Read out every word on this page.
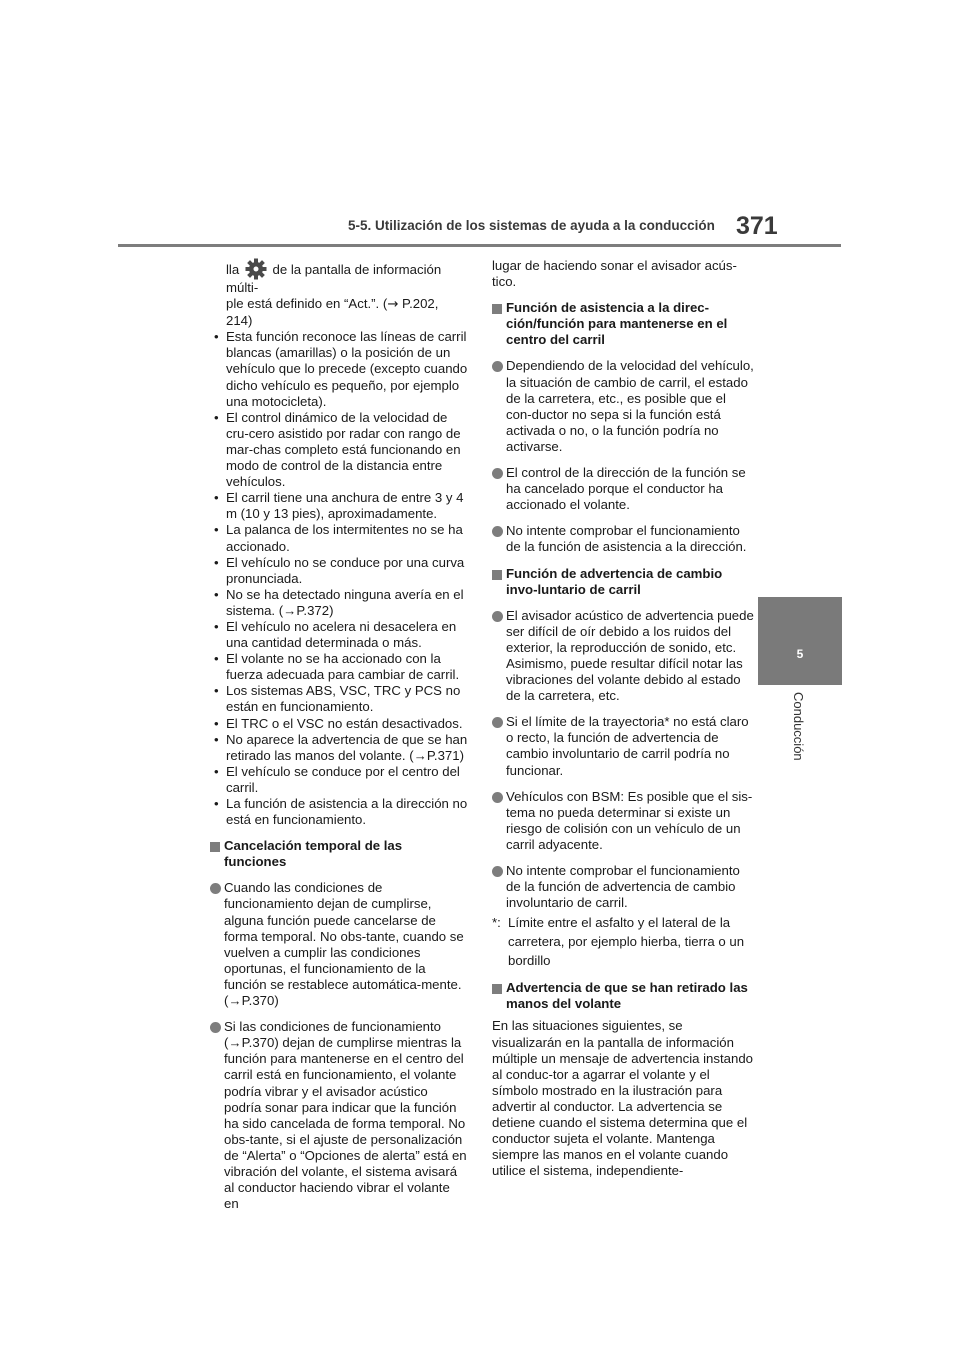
5-5. Utilización de los sistemas de ayuda a la conducción 371
5
Conducción

lla	de la pantalla de información múlti-
ple está definido en “Act.”. (→ P.202, 214)

• Esta función reconoce las líneas de carril blancas (amarillas) o la posición de un vehículo que lo precede (excepto cuando dicho vehículo es pequeño, por ejemplo una motocicleta).
• El control dinámico de la velocidad de cru-cero asistido por radar con rango de mar-chas completo está funcionando en modo de control de la distancia entre vehículos.
• El carril tiene una anchura de entre 3 y 4 m (10 y 13 pies), aproximadamente.
• La palanca de los intermitentes no se ha accionado.
• El vehículo no se conduce por una curva pronunciada.
• No se ha detectado ninguna avería en el sistema. (→P.372)
• El vehículo no acelera ni desacelera en una cantidad determinada o más.
• El volante no se ha accionado con la fuerza adecuada para cambiar de carril.
• Los sistemas ABS, VSC, TRC y PCS no están en funcionamiento.
• El TRC o el VSC no están desactivados.
• No aparece la advertencia de que se han retirado las manos del volante. (→P.371)
• El vehículo se conduce por el centro del carril.
• La función de asistencia a la dirección no está en funcionamiento.
Cancelación temporal de las funciones
Cuando las condiciones de funcionamiento dejan de cumplirse, alguna función puede cancelarse de forma temporal. No obs-tante, cuando se vuelven a cumplir las condiciones oportunas, el funcionamiento de la función se restablece automática-mente. (→P.370)
Si las condiciones de funcionamiento (→P.370) dejan de cumplirse mientras la función para mantenerse en el centro del carril está en funcionamiento, el volante podría vibrar y el avisador acústico podría sonar para indicar que la función ha sido cancelada de forma temporal. No obs-tante, si el ajuste de personalización de “Alerta” o “Opciones de alerta” está en vibración del volante, el sistema avisará al conductor haciendo vibrar el volante en

lugar de haciendo sonar el avisador acús-tico.

Función de asistencia a la direc-ción/función para mantenerse en el centro del carril
Dependiendo de la velocidad del vehículo, la situación de cambio de carril, el estado de la carretera, etc., es posible que el con-ductor no sepa si la función está activada o no, o la función podría no activarse.
El control de la dirección de la función se ha cancelado porque el conductor ha accionado el volante.
No intente comprobar el funcionamiento de la función de asistencia a la dirección.
Función de advertencia de cambio invo-luntario de carril
El avisador acústico de advertencia puede ser difícil de oír debido a los ruidos del exterior, la reproducción de sonido, etc. Asimismo, puede resultar difícil notar las vibraciones del volante debido al estado de la carretera, etc.
Si el límite de la trayectoria* no está claro o recto, la función de advertencia de cambio involuntario de carril podría no funcionar.
Vehículos con BSM: Es posible que el sis-tema no pueda determinar si existe un riesgo de colisión con un vehículo de un carril adyacente.
No intente comprobar el funcionamiento de la función de advertencia de cambio involuntario de carril.
*: Límite entre el asfalto y el lateral de la carretera, por ejemplo hierba, tierra o un bordillo
Advertencia de que se han retirado las manos del volante

En las situaciones siguientes, se visualizarán en la pantalla de información múltiple un mensaje de advertencia instando al conduc-tor a agarrar el volante y el símbolo mostrado en la ilustración para advertir al conductor. La advertencia se detiene cuando el sistema determina que el conductor sujeta el volante. Mantenga siempre las manos en el volante cuando utilice el sistema, independiente-
